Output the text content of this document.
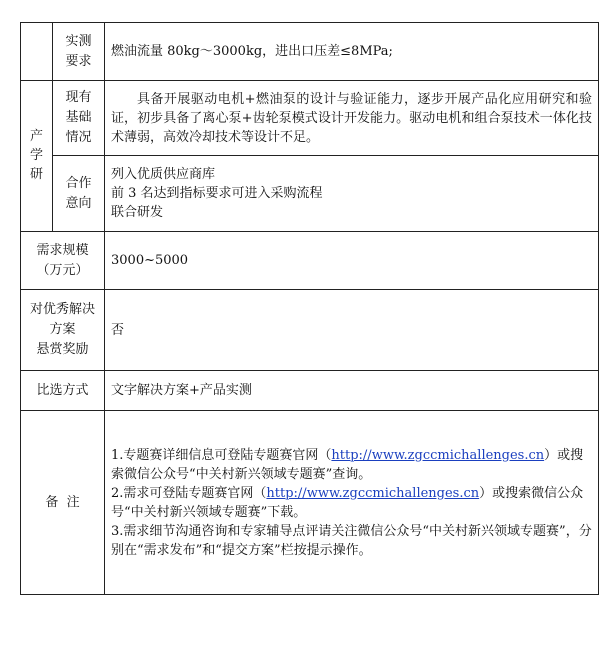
	实测
要求	燃油流量 80kg～3000kg，进出口压差≤8MPa;
产学研	现有
基础
情况	具备开展驱动电机+燃油泵的设计与验证能力，逐步开展产品化应用研究和验证，初步具备了离心泵+齿轮泵模式设计开发能力。驱动电机和组合泵技术一体化技术薄弱，高效冷却技术等设计不足。
	合作
意向	列入优质供应商库
前 3 名达到指标要求可进入采购流程
联合研发

需求规模
（万元）		3000~5000
对优秀解决
方案
悬赏奖励		否
比选方式		文字解决方案+产品实测
备  注		1.专题赛详细信息可登陆专题赛官网（http://www.zgccmichallenges.cn）或搜索微信公众号“中关村新兴领域专题赛”查询。
2.需求可登陆专题赛官网（http://www.zgccmichallenges.cn）或搜索微信公众号“中关村新兴领域专题赛”下载。
3.需求细节沟通咨询和专家辅导点评请关注微信公众号“中关村新兴领域专题赛”，分别在“需求发布”和“提交方案”栏按提示操作。
